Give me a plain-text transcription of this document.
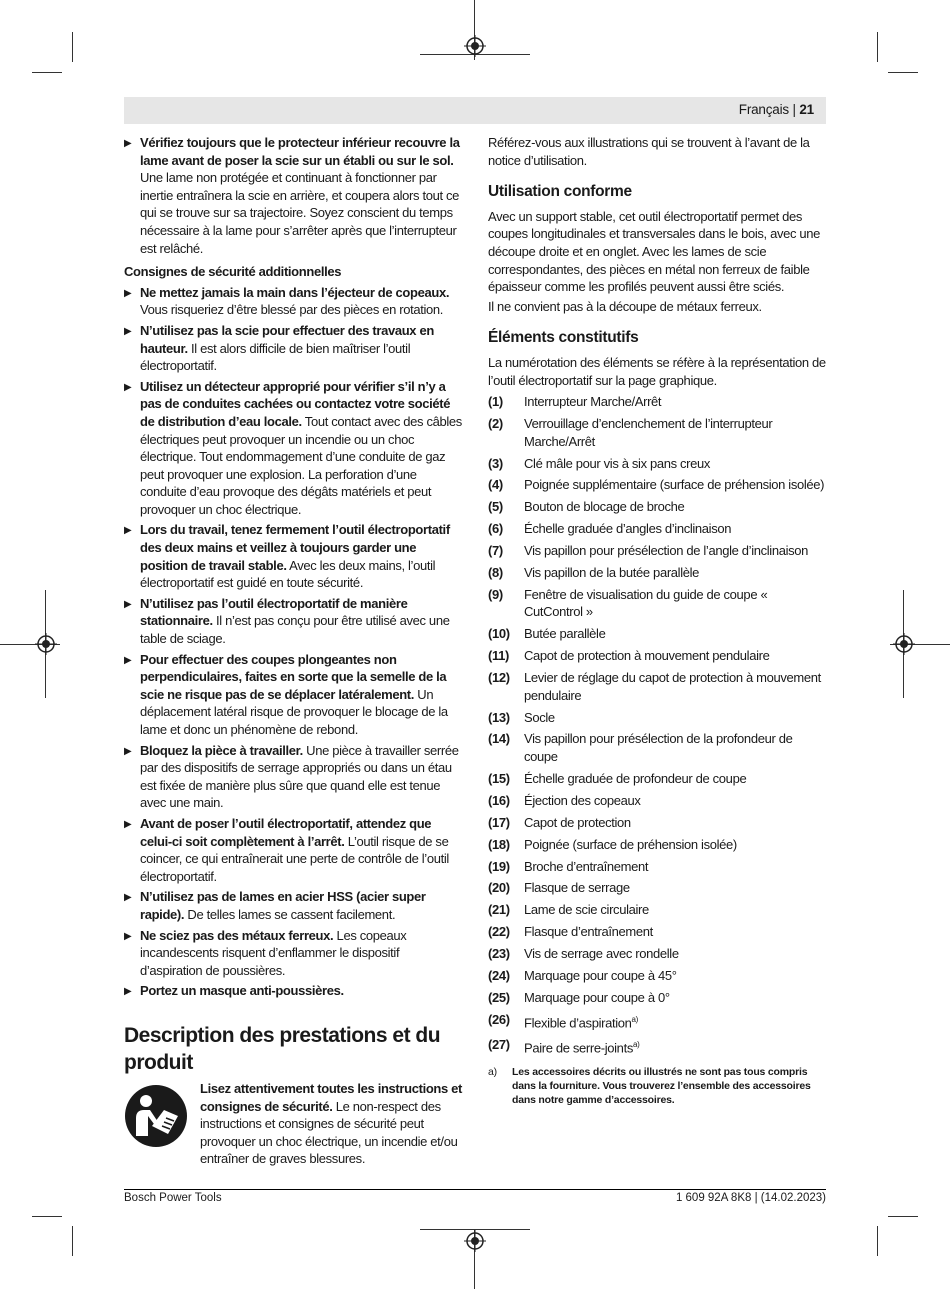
Français | 21
▶ Vérifiez toujours que le protecteur inférieur recouvre la lame avant de poser la scie sur un établi ou sur le sol. Une lame non protégée et continuant à fonctionner par inertie entraînera la scie en arrière, et coupera alors tout ce qui se trouve sur sa trajectoire. Soyez conscient du temps nécessaire à la lame pour s’arrêter après que l’interrupteur est relâché.
Consignes de sécurité additionnelles
▶ Ne mettez jamais la main dans l’éjecteur de copeaux. Vous risqueriez d’être blessé par des pièces en rotation.
▶ N’utilisez pas la scie pour effectuer des travaux en hauteur. Il est alors difficile de bien maîtriser l’outil électroportatif.
▶ Utilisez un détecteur approprié pour vérifier s’il n’y a pas de conduites cachées ou contactez votre société de distribution d’eau locale. Tout contact avec des câbles électriques peut provoquer un incendie ou un choc électrique. Tout endommagement d’une conduite de gaz peut provoquer une explosion. La perforation d’une conduite d’eau provoque des dégâts matériels et peut provoquer un choc électrique.
▶ Lors du travail, tenez fermement l’outil électroportatif des deux mains et veillez à toujours garder une position de travail stable. Avec les deux mains, l’outil électroportatif est guidé en toute sécurité.
▶ N’utilisez pas l’outil électroportatif de manière stationnaire. Il n’est pas conçu pour être utilisé avec une table de sciage.
▶ Pour effectuer des coupes plongeantes non perpendiculaires, faites en sorte que la semelle de la scie ne risque pas de se déplacer latéralement. Un déplacement latéral risque de provoquer le blocage de la lame et donc un phénomène de rebond.
▶ Bloquez la pièce à travailler. Une pièce à travailler serrée par des dispositifs de serrage appropriés ou dans un étau est fixée de manière plus sûre que quand elle est tenue avec une main.
▶ Avant de poser l’outil électroportatif, attendez que celui-ci soit complètement à l’arrêt. L’outil risque de se coincer, ce qui entraînerait une perte de contrôle de l’outil électroportatif.
▶ N’utilisez pas de lames en acier HSS (acier super rapide). De telles lames se cassent facilement.
▶ Ne sciez pas des métaux ferreux. Les copeaux incandescents risquent d’enflammer le dispositif d’aspiration de poussières.
▶ Portez un masque anti-poussières.
Description des prestations et du produit
Lisez attentivement toutes les instructions et consignes de sécurité. Le non-respect des instructions et consignes de sécurité peut provoquer un choc électrique, un incendie et/ou entraîner de graves blessures.
Référez-vous aux illustrations qui se trouvent à l’avant de la notice d’utilisation.
Utilisation conforme
Avec un support stable, cet outil électroportatif permet des coupes longitudinales et transversales dans le bois, avec une découpe droite et en onglet. Avec les lames de scie correspondantes, des pièces en métal non ferreux de faible épaisseur comme les profilés peuvent aussi être sciés.
Il ne convient pas à la découpe de métaux ferreux.
Éléments constitutifs
La numérotation des éléments se réfère à la représentation de l’outil électroportatif sur la page graphique.
(1)	Interrupteur Marche/Arrêt
(2)	Verrouillage d’enclenchement de l’interrupteur Marche/Arrêt
(3)	Clé mâle pour vis à six pans creux
(4)	Poignée supplémentaire (surface de préhension isolée)
(5)	Bouton de blocage de broche
(6)	Échelle graduée d’angles d’inclinaison
(7)	Vis papillon pour présélection de l’angle d’inclinaison
(8)	Vis papillon de la butée parallèle
(9)	Fenêtre de visualisation du guide de coupe « CutControl »
(10)	Butée parallèle
(11)	Capot de protection à mouvement pendulaire
(12)	Levier de réglage du capot de protection à mouvement pendulaire
(13)	Socle
(14)	Vis papillon pour présélection de la profondeur de coupe
(15)	Échelle graduée de profondeur de coupe
(16)	Éjection des copeaux
(17)	Capot de protection
(18)	Poignée (surface de préhension isolée)
(19)	Broche d’entraînement
(20)	Flasque de serrage
(21)	Lame de scie circulaire
(22)	Flasque d’entraînement
(23)	Vis de serrage avec rondelle
(24)	Marquage pour coupe à 45°
(25)	Marquage pour coupe à 0°
(26)	Flexible d’aspiration$^{a)}$
(27)	Paire de serre-joints$^{a)}$
a)	Les accessoires décrits ou illustrés ne sont pas tous compris dans la fourniture. Vous trouverez l’ensemble des accessoires dans notre gamme d’accessoires.
Bosch Power Tools	1 609 92A 8K8 | (14.02.2023)
